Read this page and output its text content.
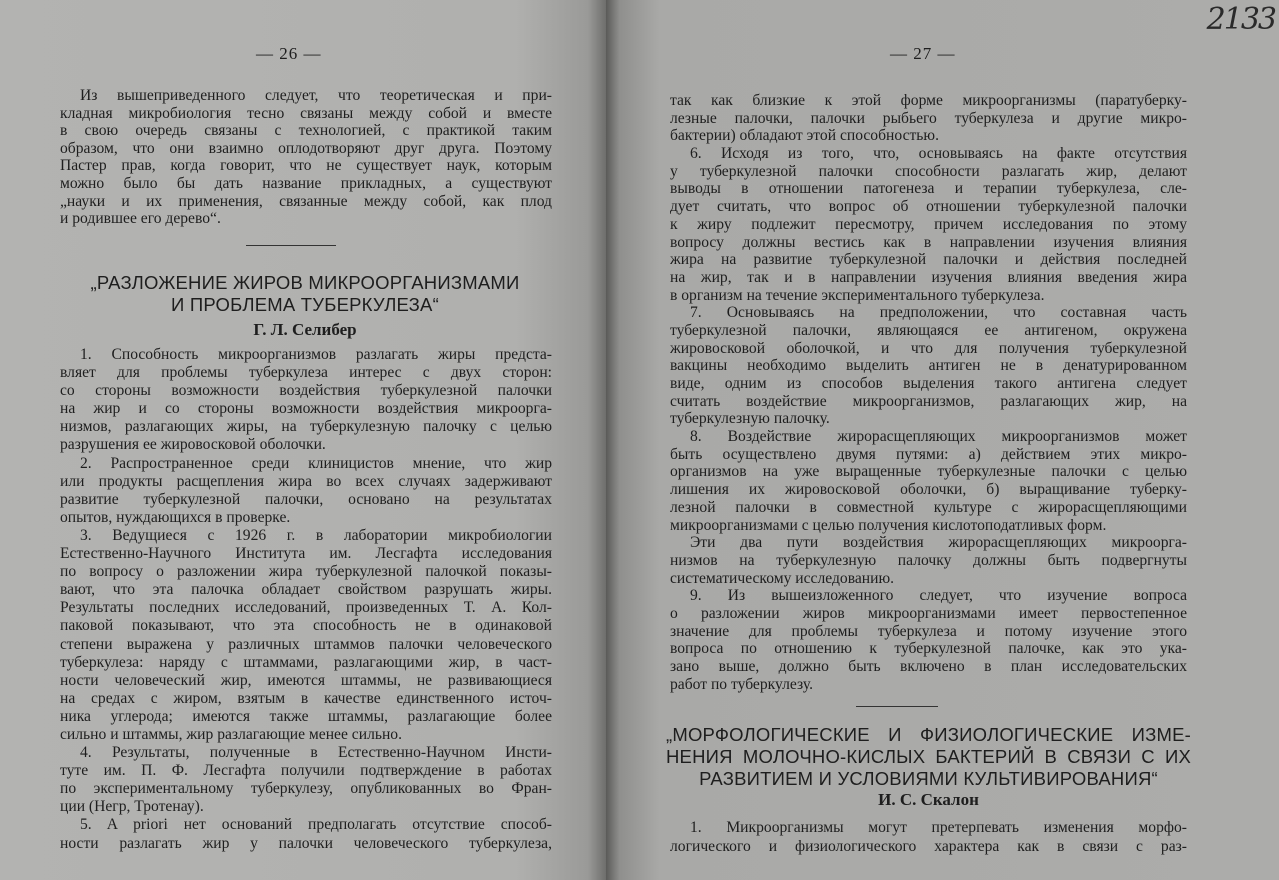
— 26 —
Из вышеприведенного следует, что теоретическая и при-
кладная микробиология тесно связаны между собой и вместе
в свою очередь связаны с технологией, с практикой таким
образом, что они взаимно оплодотворяют друг друга. Поэтому
Пастер прав, когда говорит, что не существует наук, которым
можно было бы дать название прикладных, а существуют
„науки и их применения, связанные между собой, как плод
и родившее его дерево“.
„РАЗЛОЖЕНИЕ ЖИРОВ МИКРООРГАНИЗМАМИ
И ПРОБЛЕМА ТУБЕРКУЛЕЗА“
Г. Л. Селибер
1. Способность микроорганизмов разлагать жиры предста-
вляет для проблемы туберкулеза интерес с двух сторон:
со стороны возможности воздействия туберкулезной палочки
на жир и со стороны возможности воздействия микроорга-
низмов, разлагающих жиры, на туберкулезную палочку с целью
разрушения ее жировосковой оболочки.
2. Распространенное среди клиницистов мнение, что жир
или продукты расщепления жира во всех случаях задерживают
развитие туберкулезной палочки, основано на результатах
опытов, нуждающихся в проверке.
3. Ведущиеся с 1926 г. в лаборатории микробиологии
Естественно-Научного Института им. Лесгафта исследования
по вопросу о разложении жира туберкулезной палочкой показы-
вают, что эта палочка обладает свойством разрушать жиры.
Результаты последних исследований, произведенных Т. А. Кол-
паковой показывают, что эта способность не в одинаковой
степени выражена у различных штаммов палочки человеческого
туберкулеза: наряду с штаммами, разлагающими жир, в част-
ности человеческий жир, имеются штаммы, не развивающиеся
на средах с жиром, взятым в качестве единственного источ-
ника углерода; имеются также штаммы, разлагающие более
сильно и штаммы, жир разлагающие менее сильно.
4. Результаты, полученные в Естественно-Научном Инсти-
туте им. П. Ф. Лесгафта получили подтверждение в работах
по экспериментальному туберкулезу, опубликованных во Фран-
ции (Негр, Тротенау).
5. A priori нет оснований предполагать отсутствие способ-
ности разлагать жир у палочки человеческого туберкулеза,
2133
— 27 —
так как близкие к этой форме микроорганизмы (паратуберку-
лезные палочки, палочки рыбьего туберкулеза и другие микро-
бактерии) обладают этой способностью.
6. Исходя из того, что, основываясь на факте отсутствия
у туберкулезной палочки способности разлагать жир, делают
выводы в отношении патогенеза и терапии туберкулеза, сле-
дует считать, что вопрос об отношении туберкулезной палочки
к жиру подлежит пересмотру, причем исследования по этому
вопросу должны вестись как в направлении изучения влияния
жира на развитие туберкулезной палочки и действия последней
на жир, так и в направлении изучения влияния введения жира
в организм на течение экспериментального туберкулеза.
7. Основываясь на предположении, что составная часть
туберкулезной палочки, являющаяся ее антигеном, окружена
жировосковой оболочкой, и что для получения туберкулезной
вакцины необходимо выделить антиген не в денатурированном
виде, одним из способов выделения такого антигена следует
считать воздействие микроорганизмов, разлагающих жир, на
туберкулезную палочку.
8. Воздействие жирорасщепляющих микроорганизмов может
быть осуществлено двумя путями: а) действием этих микро-
организмов на уже выращенные туберкулезные палочки с целью
лишения их жировосковой оболочки, б) выращивание туберку-
лезной палочки в совместной культуре с жирорасщепляющими
микроорганизмами с целью получения кислотоподатливых форм.
Эти два пути воздействия жирорасщепляющих микроорга-
низмов на туберкулезную палочку должны быть подвергнуты
систематическому исследованию.
9. Из вышеизложенного следует, что изучение вопроса
о разложении жиров микроорганизмами имеет первостепенное
значение для проблемы туберкулеза и потому изучение этого
вопроса по отношению к туберкулезной палочке, как это ука-
зано выше, должно быть включено в план исследовательских
работ по туберкулезу.
„МОРФОЛОГИЧЕСКИЕ И ФИЗИОЛОГИЧЕСКИЕ ИЗМЕ-
НЕНИЯ МОЛОЧНО-КИСЛЫХ БАКТЕРИЙ В СВЯЗИ С ИХ
РАЗВИТИЕМ И УСЛОВИЯМИ КУЛЬТИВИРОВАНИЯ“
И. С. Скалон
1. Микроорганизмы могут претерпевать изменения морфо-
логического и физиологического характера как в связи с раз-
